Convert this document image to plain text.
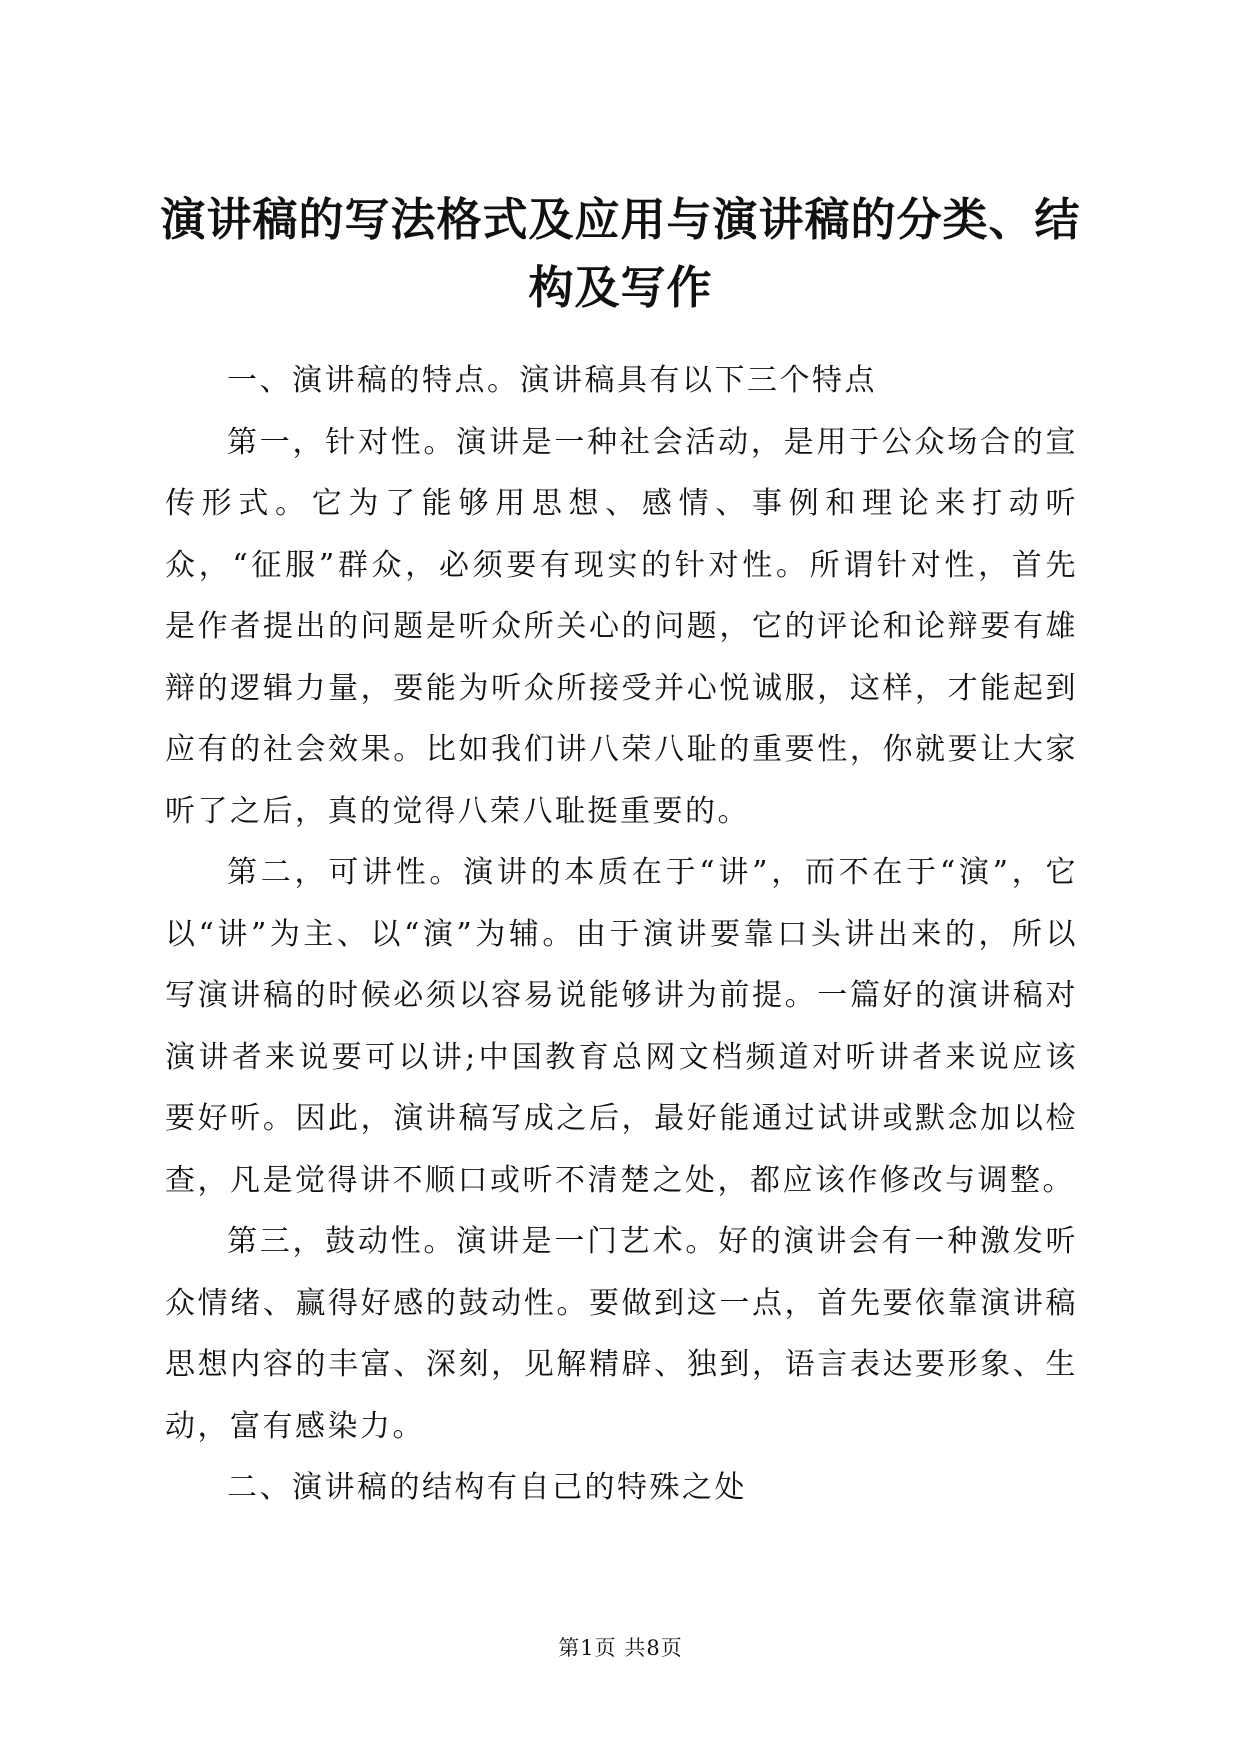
演讲稿的写法格式及应用与演讲稿的分类、结构及写作

一、演讲稿的特点。演讲稿具有以下三个特点

第一，针对性。演讲是一种社会活动，是用于公众场合的宣传形式。它为了能够用思想、感情、事例和理论来打动听众，“征服”群众，必须要有现实的针对性。所谓针对性，首先是作者提出的问题是听众所关心的问题，它的评论和论辩要有雄辩的逻辑力量，要能为听众所接受并心悦诚服，这样，才能起到应有的社会效果。比如我们讲八荣八耻的重要性，你就要让大家听了之后，真的觉得八荣八耻挺重要的。

第二，可讲性。演讲的本质在于“讲”，而不在于“演”，它以“讲”为主、以“演”为辅。由于演讲要靠口头讲出来的，所以写演讲稿的时候必须以容易说能够讲为前提。一篇好的演讲稿对演讲者来说要可以讲;中国教育总网文档频道对听讲者来说应该要好听。因此，演讲稿写成之后，最好能通过试讲或默念加以检查，凡是觉得讲不顺口或听不清楚之处，都应该作修改与调整。

第三，鼓动性。演讲是一门艺术。好的演讲会有一种激发听众情绪、赢得好感的鼓动性。要做到这一点，首先要依靠演讲稿思想内容的丰富、深刻，见解精辟、独到，语言表达要形象、生动，富有感染力。

二、演讲稿的结构有自己的特殊之处

第1页 共8页
